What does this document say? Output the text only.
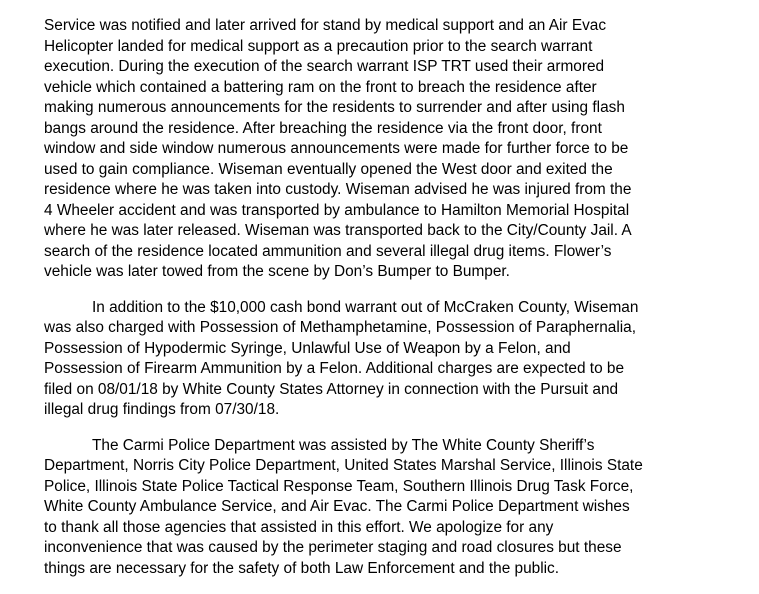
Service was notified and later arrived for stand by medical support and an Air Evac
Helicopter landed for medical support as a precaution prior to the search warrant
execution. During the execution of the search warrant ISP TRT used their armored
vehicle which contained a battering ram on the front to breach the residence after
making numerous announcements for the residents to surrender and after using flash
bangs around the residence. After breaching the residence via the front door, front
window and side window numerous announcements were made for further force to be
used to gain compliance. Wiseman eventually opened the West door and exited the
residence where he was taken into custody. Wiseman advised he was injured from the
4 Wheeler accident and was transported by ambulance to Hamilton Memorial Hospital
where he was later released. Wiseman was transported back to the City/County Jail. A
search of the residence located ammunition and several illegal drug items. Flower’s
vehicle was later towed from the scene by Don’s Bumper to Bumper.
In addition to the $10,000 cash bond warrant out of McCraken County, Wiseman
was also charged with Possession of Methamphetamine, Possession of Paraphernalia,
Possession of Hypodermic Syringe, Unlawful Use of Weapon by a Felon, and
Possession of Firearm Ammunition by a Felon. Additional charges are expected to be
filed on 08/01/18 by White County States Attorney in connection with the Pursuit and
illegal drug findings from 07/30/18.
The Carmi Police Department was assisted by The White County Sheriff’s
Department, Norris City Police Department, United States Marshal Service, Illinois State
Police, Illinois State Police Tactical Response Team, Southern Illinois Drug Task Force,
White County Ambulance Service, and Air Evac. The Carmi Police Department wishes
to thank all those agencies that assisted in this effort. We apologize for any
inconvenience that was caused by the perimeter staging and road closures but these
things are necessary for the safety of both Law Enforcement and the public.
